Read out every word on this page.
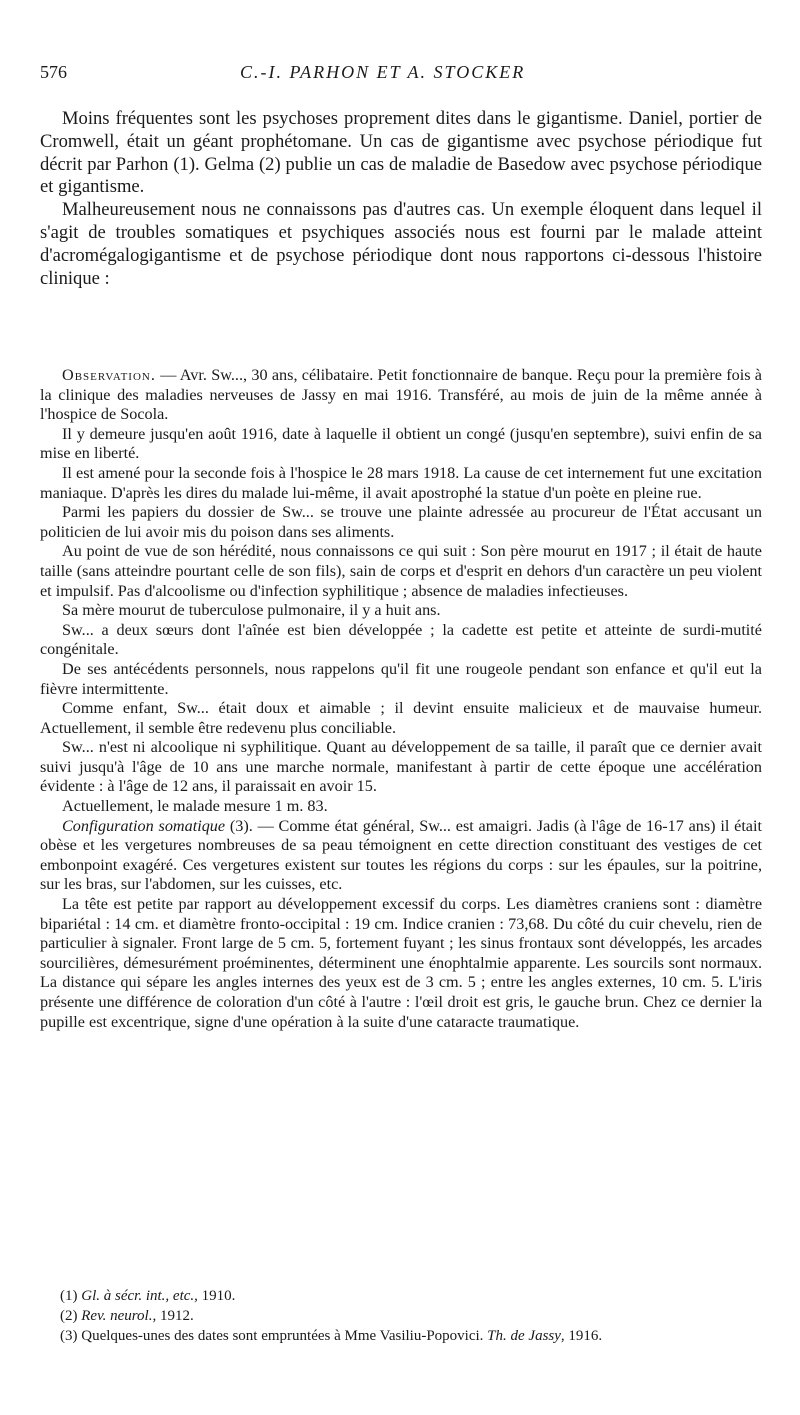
576	C.-I. PARHON ET A. STOCKER

Moins fréquentes sont les psychoses proprement dites dans le gigantisme. Daniel, portier de Cromwell, était un géant prophétomane. Un cas de gigantisme avec psychose périodique fut décrit par Parhon (1). Gelma (2) publie un cas de maladie de Basedow avec psychose périodique et gigantisme.

Malheureusement nous ne connaissons pas d'autres cas. Un exemple éloquent dans lequel il s'agit de troubles somatiques et psychiques associés nous est fourni par le malade atteint d'acromégalogigantisme et de psychose périodique dont nous rapportons ci-dessous l'histoire clinique :

Observation. — Avr. Sw..., 30 ans, célibataire. Petit fonctionnaire de banque. Reçu pour la première fois à la clinique des maladies nerveuses de Jassy en mai 1916. Transféré, au mois de juin de la même année à l'hospice de Socola.

Il y demeure jusqu'en août 1916, date à laquelle il obtient un congé (jusqu'en septembre), suivi enfin de sa mise en liberté.

Il est amené pour la seconde fois à l'hospice le 28 mars 1918. La cause de cet internement fut une excitation maniaque. D'après les dires du malade lui-même, il avait apostrophé la statue d'un poète en pleine rue.

Parmi les papiers du dossier de Sw... se trouve une plainte adressée au procureur de l'État accusant un politicien de lui avoir mis du poison dans ses aliments.

Au point de vue de son hérédité, nous connaissons ce qui suit : Son père mourut en 1917 ; il était de haute taille (sans atteindre pourtant celle de son fils), sain de corps et d'esprit en dehors d'un caractère un peu violent et impulsif. Pas d'alcoolisme ou d'infection syphilitique ; absence de maladies infectieuses.

Sa mère mourut de tuberculose pulmonaire, il y a huit ans.

Sw... a deux sœurs dont l'aînée est bien développée ; la cadette est petite et atteinte de surdi-mutité congénitale.

De ses antécédents personnels, nous rappelons qu'il fit une rougeole pendant son enfance et qu'il eut la fièvre intermittente.

Comme enfant, Sw... était doux et aimable ; il devint ensuite malicieux et de mauvaise humeur. Actuellement, il semble être redevenu plus conciliable.

Sw... n'est ni alcoolique ni syphilitique. Quant au développement de sa taille, il paraît que ce dernier avait suivi jusqu'à l'âge de 10 ans une marche normale, manifestant à partir de cette époque une accélération évidente : à l'âge de 12 ans, il paraissait en avoir 15.

Actuellement, le malade mesure 1 m. 83.

Configuration somatique (3). — Comme état général, Sw... est amaigri. Jadis (à l'âge de 16-17 ans) il était obèse et les vergetures nombreuses de sa peau témoignent en cette direction constituant des vestiges de cet embonpoint exagéré. Ces vergetures existent sur toutes les régions du corps : sur les épaules, sur la poitrine, sur les bras, sur l'abdomen, sur les cuisses, etc.

La tête est petite par rapport au développement excessif du corps. Les diamètres craniens sont : diamètre bipariétal : 14 cm. et diamètre fronto-occipital : 19 cm. Indice cranien : 73,68. Du côté du cuir chevelu, rien de particulier à signaler. Front large de 5 cm. 5, fortement fuyant ; les sinus frontaux sont développés, les arcades sourcilières, démesurément proéminentes, déterminent une énophtalmie apparente. Les sourcils sont normaux. La distance qui sépare les angles internes des yeux est de 3 cm. 5 ; entre les angles externes, 10 cm. 5. L'iris présente une différence de coloration d'un côté à l'autre : l'œil droit est gris, le gauche brun. Chez ce dernier la pupille est excentrique, signe d'une opération à la suite d'une cataracte traumatique.

(1) Gl. à sécr. int., etc., 1910.

(2) Rev. neurol., 1912.

(3) Quelques-unes des dates sont empruntées à Mme Vasiliu-Popovici. Th. de Jassy, 1916.
